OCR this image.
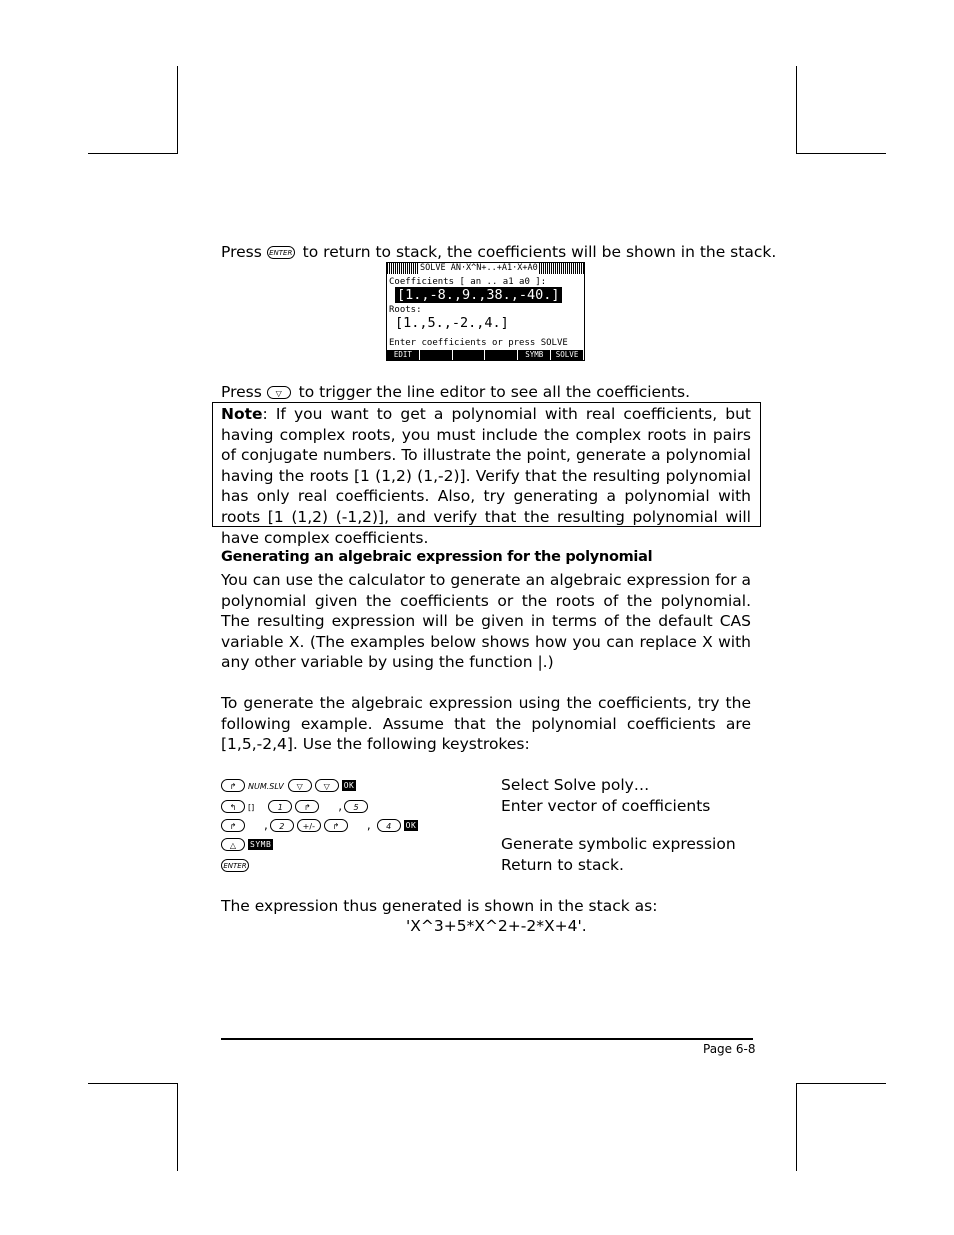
Press ENTER to return to stack, the coefficients will be shown in the stack.
SOLVE AN·X^N+..+A1·X+A0
Coefficients [ an .. a1 a0 ]:
[1.,-8.,9.,38.,-40.]
Roots:
[1.,5.,-2.,4.]
Enter coefficients or press SOLVE
EDIT	SYMB	SOLVE
Press ▽ to trigger the line editor to see all the coefficients.
Note: If you want to get a polynomial with real coefficients, but having complex roots, you must include the complex roots in pairs of conjugate numbers. To illustrate the point, generate a polynomial having the roots [1 (1,2) (1,-2)]. Verify that the resulting polynomial has only real coefficients. Also, try generating a polynomial with roots [1 (1,2) (-1,2)], and verify that the resulting polynomial will have complex coefficients.
Generating an algebraic expression for the polynomial
You can use the calculator to generate an algebraic expression for a polynomial given the coefficients or the roots of the polynomial. The resulting expression will be given in terms of the default CAS variable X. (The examples below shows how you can replace X with any other variable by using the function |.)
To generate the algebraic expression using the coefficients, try the following example. Assume that the polynomial coefficients are [1,5,-2,4]. Use the following keystrokes:
↱ NUM.SLV ▽	▽ OK	Select Solve poly…
↰ []	1	↱ , 5	Enter vector of coefficients
↱ , 2 +/- ↱ , 4 OK
△ SYMB	Generate symbolic expression
ENTER	Return to stack.
The expression thus generated is shown in the stack as:
'X^3+5*X^2+-2*X+4'.
Page 6-8
